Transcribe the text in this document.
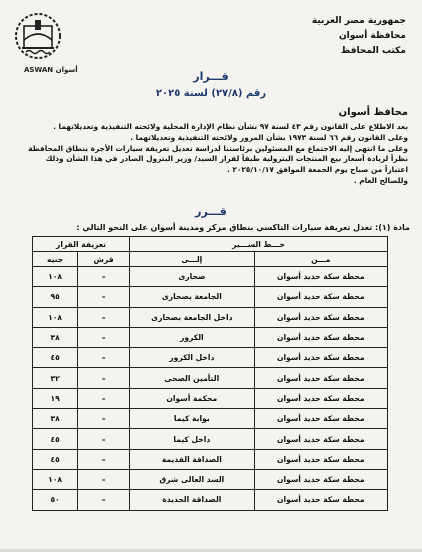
جمهورية مصر العربية
محافظة أسوان
مكتب المحافظ
ASWAN أسوان	قـــرار
رقم (٢٧/٨) لسنة ٢٠٢٥
محافظ أسوان

بعد الاطلاع على القانون رقم ٤٣ لسنة ٩٧ بشأن نظام الإدارة المحلية ولائحته التنفيذية وتعديلاتهما .

وعلى القانون رقم ٦٦ لسنة ١٩٧٣ بشأن المرور ولائحته التنفيذية وتعديلاتهما .

وعلى ما انتهى إليه الاجتماع مع المسئولين برئاستنا لدراسة تعديل تعريفة سيارات الأجرة بنطاق المحافظة

نظراً لزيادة أسعار بيع المنتجات البترولية طبقاً لقرار السيد/ وزير البترول الصادر في هذا الشأن وذلك

اعتباراً من صباح يوم الجمعة الموافق ٢٠٢٥/١٠/١٧ .

وللصالح العام .

قـــرر
مادة (١): تعدل تعريفة سيارات التاكسي بنطاق مركز ومدينة أسوان على النحو التالي :
خـــط الســـير		تعريفة القرار	
مـــن	إلـــى	قرش	جنيه
محطة سكة حديد أسوان	صحارى	–	١٠٨
محطة سكة حديد أسوان	الجامعة بصحارى	–	٩٥
محطة سكة حديد أسوان	داخل الجامعة بصحارى	–	١٠٨
محطة سكة حديد أسوان	الكرور	–	٣٨
محطة سكة حديد أسوان	داخل الكرور	–	٤٥
محطة سكة حديد أسوان	التأمين الصحى	–	٣٢
محطة سكة حديد أسوان	محكمة أسوان	–	١٩
محطة سكة حديد أسوان	بوابة كيما	–	٣٨
محطة سكة حديد أسوان	داخل كيما	–	٤٥
محطة سكة حديد أسوان	الصداقة القديمة	–	٤٥
محطة سكة حديد أسوان	السد العالى شرق	–	١٠٨
محطة سكة حديد أسوان	الصداقة الجديدة	–	٥٠
